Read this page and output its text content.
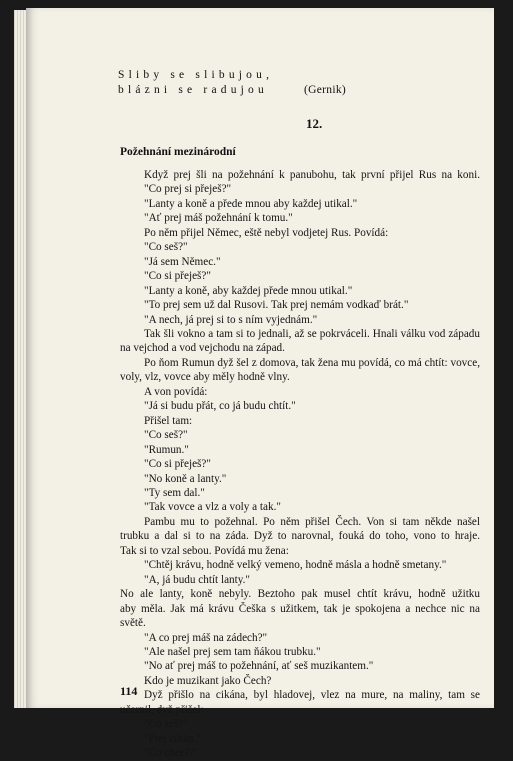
Sliby se slibujou,
blázni se radujou	(Gernik)
12.
Požehnání mezinárodní
Když prej šli na požehnání k panubohu, tak první přijel Rus na koni.
"Co prej si přeješ?"
"Lanty a koně a přede mnou aby každej utikal."
"Ať prej máš požehnání k tomu."
Po něm přijel Němec, eště nebyl vodjetej Rus. Povídá:
"Co seš?"
"Já sem Němec."
"Co si přeješ?"
"Lanty a koně, aby každej přede mnou utikal."
"To prej sem už dal Rusovi. Tak prej nemám vodkaď brát."
"A nech, já prej si to s ním vyjednám."
Tak šli vokno a tam si to jednali, až se pokrváceli. Hnali válku vod západu
na vejchod a vod vejchodu na západ.
Po ňom Rumun dyž šel z domova, tak žena mu povídá, co má chtít: vovce,
voly, vlz, vovce aby měly hodně vlny.
A von povídá:
"Já si budu přát, co já budu chtít."
Přišel tam:
"Co seš?"
"Rumun."
"Co si přeješ?"
"No koně a lanty."
"Ty sem dal."
"Tak vovce a vlz a voly a tak."
Pambu mu to požehnal. Po něm přišel Čech. Von si tam někde našel
trubku a dal si to na záda. Dyž to narovnal, fouká do toho, vono to hraje.
Tak si to vzal sebou. Povídá mu žena:
"Chtěj krávu, hodně velký vemeno, hodně másla a hodně smetany."
"A, já budu chtít lanty."
No ale lanty, koně nebyly. Beztoho pak musel chtít krávu, hodně užitku
aby měla. Jak má krávu Češka s užitkem, tak je spokojena a nechce nic na
světě.
"A co prej máš na zádech?"
"Ale našel prej sem tam ňákou trubku."
"No ať prej máš to požehnání, ať seš muzikantem."
Kdo je muzikant jako Čech?
Dyž přišlo na cikána, byl hladovej, vlez na mure, na maliny, tam se
učernil, dyž přišel:
"Co seš?"
"Prej cikán."
"Co chceš?"
114
